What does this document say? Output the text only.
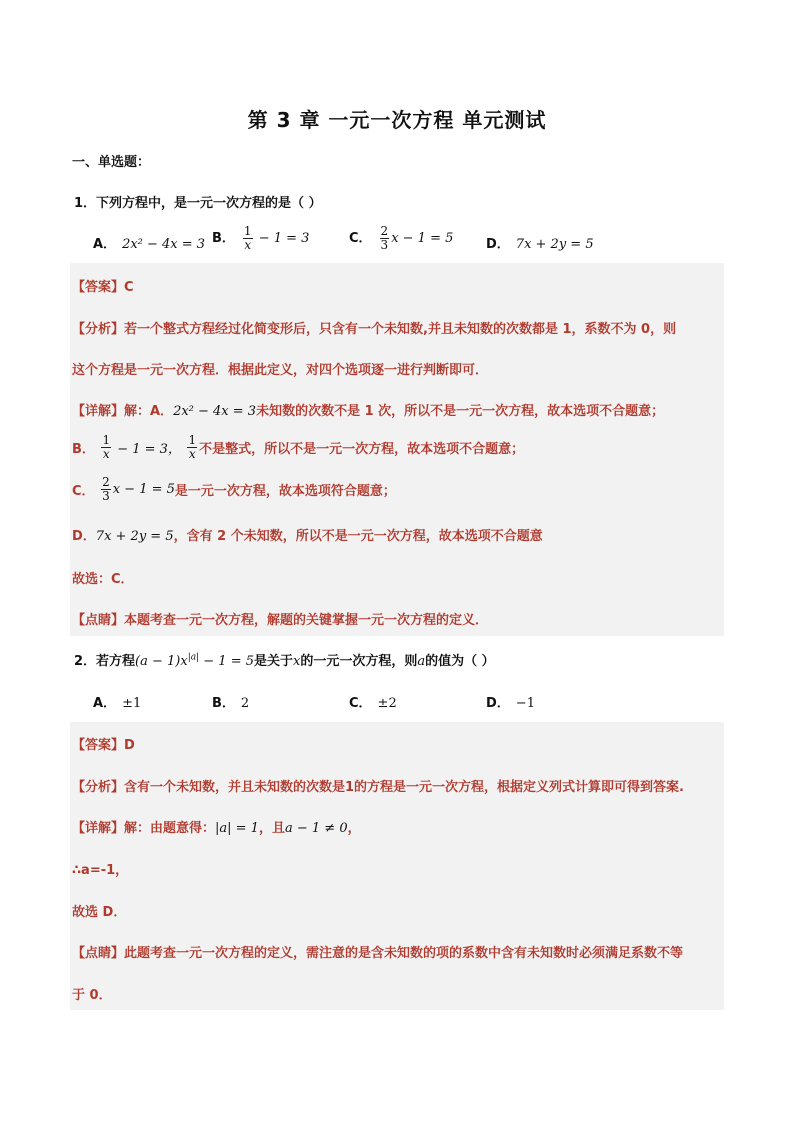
第 3 章 一元一次方程 单元测试
一、单选题：
1．下列方程中，是一元一次方程的是（ ）
A． 2x² − 4x = 3 B． $\frac{1}{x} - 1 = 3$	C． $\frac{2}{3}$ x − 1 = 5	D． 7x + 2y = 5
【答案】C
【分析】若一个整式方程经过化简变形后，只含有一个未知数,并且未知数的次数都是 1，系数不为 0，则
这个方程是一元一次方程．根据此定义，对四个选项逐一进行判断即可．
【详解】解：A．2x² − 4x = 3未知数的次数不是 1 次，所以不是一元一次方程，故本选项不合题意；
B． $\frac{1}{x} - 1 = 3$， $\frac{1}{x}$ 不是整式，所以不是一元一次方程，故本选项不合题意；
C． $\frac{2}{3}$ x − 1 = 5是一元一次方程，故本选项符合题意；
D．7x + 2y = 5，含有 2 个未知数，所以不是一元一次方程，故本选项不合题意
故选：C．
【点睛】本题考查一元一次方程，解题的关键掌握一元一次方程的定义．
2．若方程$(a - 1)x^{|a|} - 1 = 5$是关于x的一元一次方程，则a的值为（ ）
A． ±1	B． 2	C． ±2	D． −1
【答案】D
【分析】含有一个未知数，并且未知数的次数是1的方程是一元一次方程，根据定义列式计算即可得到答案.
【详解】解：由题意得：|a| = 1，且a − 1 ≠ 0，
∴a=-1，
故选 D．
【点睛】此题考查一元一次方程的定义，需注意的是含未知数的项的系数中含有未知数时必须满足系数不等
于 0．
